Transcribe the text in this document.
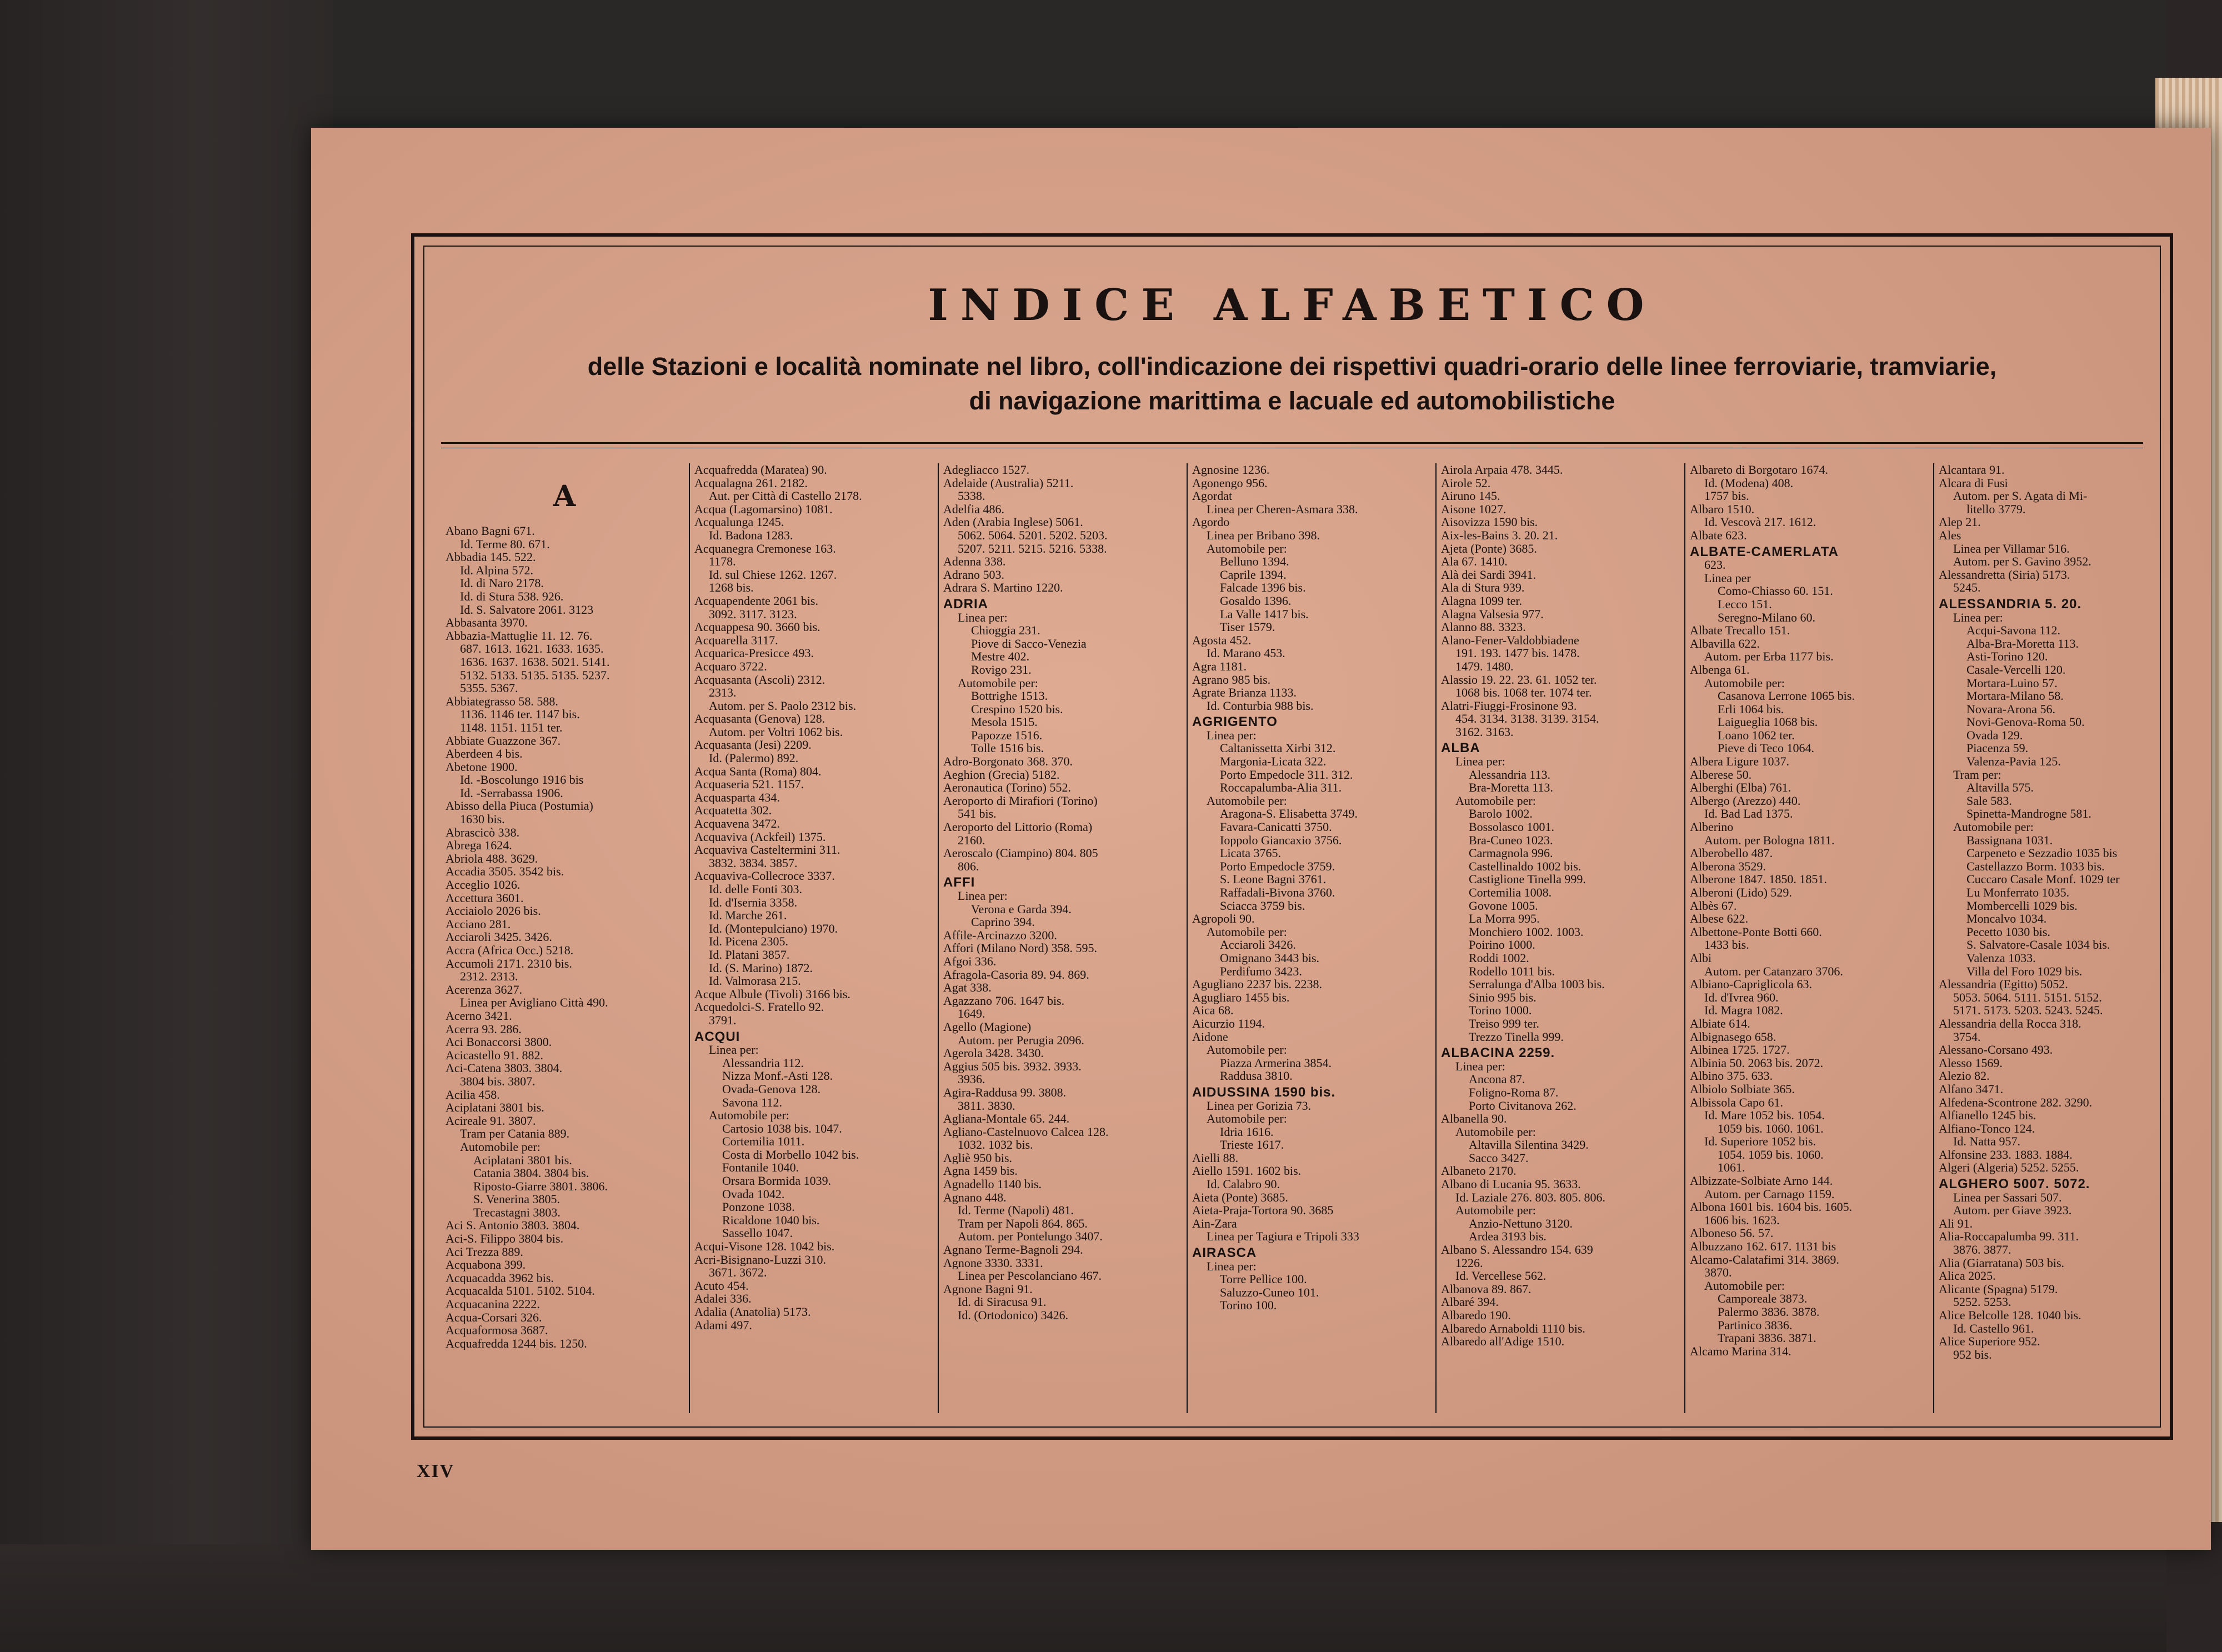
INDICE ALFABETICO
delle Stazioni e località nominate nel libro, coll'indicazione dei rispettivi quadri-orario delle linee ferroviarie, tramviarie,
di navigazione marittima e lacuale ed automobilistiche
A
Abano Bagni 671.
Id. Terme 80. 671.
Abbadia 145. 522.
Id. Alpina 572.
Id. di Naro 2178.
Id. di Stura 538. 926.
Id. S. Salvatore 2061. 3123
Abbasanta 3970.
Abbazia-Mattuglie 11. 12. 76.
687. 1613. 1621. 1633. 1635.
1636. 1637. 1638. 5021. 5141.
5132. 5133. 5135. 5135. 5237.
5355. 5367.
Abbiategrasso 58. 588.
1136. 1146 ter. 1147 bis.
1148. 1151. 1151 ter.
Abbiate Guazzone 367.
Aberdeen 4 bis.
Abetone 1900.
Id. -Boscolungo 1916 bis
Id. -Serrabassa 1906.
Abisso della Piuca (Postumia)
1630 bis.
Abrascicò 338.
Abrega 1624.
Abriola 488. 3629.
Accadia 3505. 3542 bis.
Acceglio 1026.
Accettura 3601.
Acciaiolo 2026 bis.
Acciano 281.
Acciaroli 3425. 3426.
Accra (Africa Occ.) 5218.
Accumoli 2171. 2310 bis.
2312. 2313.
Acerenza 3627.
Linea per Avigliano Città 490.
Acerno 3421.
Acerra 93. 286.
Aci Bonaccorsi 3800.
Acicastello 91. 882.
Aci-Catena 3803. 3804.
3804 bis. 3807.
Acilia 458.
Aciplatani 3801 bis.
Acireale 91. 3807.
Tram per Catania 889.
Automobile per:
Aciplatani 3801 bis.
Catania 3804. 3804 bis.
Riposto-Giarre 3801. 3806.
S. Venerina 3805.
Trecastagni 3803.
Aci S. Antonio 3803. 3804.
Aci-S. Filippo 3804 bis.
Aci Trezza 889.
Acquabona 399.
Acquacadda 3962 bis.
Acquacalda 5101. 5102. 5104.
Acquacanina 2222.
Acqua-Corsari 326.
Acquaformosa 3687.
Acquafredda 1244 bis. 1250.
Acquafredda (Maratea) 90.
Acqualagna 261. 2182.
Aut. per Città di Castello 2178.
Acqua (Lagomarsino) 1081.
Acqualunga 1245.
Id. Badona 1283.
Acquanegra Cremonese 163.
1178.
Id. sul Chiese 1262. 1267.
1268 bis.
Acquapendente 2061 bis.
3092. 3117. 3123.
Acquappesa 90. 3660 bis.
Acquarella 3117.
Acquarica-Presicce 493.
Acquaro 3722.
Acquasanta (Ascoli) 2312.
2313.
Autom. per S. Paolo 2312 bis.
Acquasanta (Genova) 128.
Autom. per Voltri 1062 bis.
Acquasanta (Jesi) 2209.
Id. (Palermo) 892.
Acqua Santa (Roma) 804.
Acquaseria 521. 1157.
Acquasparta 434.
Acquatetta 302.
Acquavena 3472.
Acquaviva (Ackfeil) 1375.
Acquaviva Casteltermini 311.
3832. 3834. 3857.
Acquaviva-Collecroce 3337.
Id. delle Fonti 303.
Id. d'Isernia 3358.
Id. Marche 261.
Id. (Montepulciano) 1970.
Id. Picena 2305.
Id. Platani 3857.
Id. (S. Marino) 1872.
Id. Valmorasa 215.
Acque Albule (Tivoli) 3166 bis.
Acquedolci-S. Fratello 92.
3791.
ACQUI
Linea per:
Alessandria 112.
Nizza Monf.-Asti 128.
Ovada-Genova 128.
Savona 112.
Automobile per:
Cartosio 1038 bis. 1047.
Cortemilia 1011.
Costa di Morbello 1042 bis.
Fontanile 1040.
Orsara Bormida 1039.
Ovada 1042.
Ponzone 1038.
Ricaldone 1040 bis.
Sassello 1047.
Acqui-Visone 128. 1042 bis.
Acri-Bisignano-Luzzi 310.
3671. 3672.
Acuto 454.
Adalei 336.
Adalia (Anatolia) 5173.
Adami 497.
Adegliacco 1527.
Adelaide (Australia) 5211.
5338.
Adelfia 486.
Aden (Arabia Inglese) 5061.
5062. 5064. 5201. 5202. 5203.
5207. 5211. 5215. 5216. 5338.
Adenna 338.
Adrano 503.
Adrara S. Martino 1220.
ADRIA
Linea per:
Chioggia 231.
Piove di Sacco-Venezia
Mestre 402.
Rovigo 231.
Automobile per:
Bottrighe 1513.
Crespino 1520 bis.
Mesola 1515.
Papozze 1516.
Tolle 1516 bis.
Adro-Borgonato 368. 370.
Aeghion (Grecia) 5182.
Aeronautica (Torino) 552.
Aeroporto di Mirafiori (Torino)
541 bis.
Aeroporto del Littorio (Roma)
2160.
Aeroscalo (Ciampino) 804. 805
806.
AFFI
Linea per:
Verona e Garda 394.
Caprino 394.
Affile-Arcinazzo 3200.
Affori (Milano Nord) 358. 595.
Afgoi 336.
Afragola-Casoria 89. 94. 869.
Agat 338.
Agazzano 706. 1647 bis.
1649.
Agello (Magione)
Autom. per Perugia 2096.
Agerola 3428. 3430.
Aggius 505 bis. 3932. 3933.
3936.
Agira-Raddusa 99. 3808.
3811. 3830.
Agliana-Montale 65. 244.
Agliano-Castelnuovo Calcea 128.
1032. 1032 bis.
Agliè 950 bis.
Agna 1459 bis.
Agnadello 1140 bis.
Agnano 448.
Id. Terme (Napoli) 481.
Tram per Napoli 864. 865.
Autom. per Pontelungo 3407.
Agnano Terme-Bagnoli 294.
Agnone 3330. 3331.
Linea per Pescolanciano 467.
Agnone Bagni 91.
Id. di Siracusa 91.
Id. (Ortodonico) 3426.
Agnosine 1236.
Agonengo 956.
Agordat
Linea per Cheren-Asmara 338.
Agordo
Linea per Bribano 398.
Automobile per:
Belluno 1394.
Caprile 1394.
Falcade 1396 bis.
Gosaldo 1396.
La Valle 1417 bis.
Tiser 1579.
Agosta 452.
Id. Marano 453.
Agra 1181.
Agrano 985 bis.
Agrate Brianza 1133.
Id. Conturbia 988 bis.
AGRIGENTO
Linea per:
Caltanissetta Xirbi 312.
Margonia-Licata 322.
Porto Empedocle 311. 312.
Roccapalumba-Alia 311.
Automobile per:
Aragona-S. Elisabetta 3749.
Favara-Canicatti 3750.
Ioppolo Giancaxio 3756.
Licata 3765.
Porto Empedocle 3759.
S. Leone Bagni 3761.
Raffadali-Bivona 3760.
Sciacca 3759 bis.
Agropoli 90.
Automobile per:
Acciaroli 3426.
Omignano 3443 bis.
Perdifumo 3423.
Agugliano 2237 bis. 2238.
Agugliaro 1455 bis.
Aica 68.
Aicurzio 1194.
Aidone
Automobile per:
Piazza Armerina 3854.
Raddusa 3810.
AIDUSSINA 1590 bis.
Linea per Gorizia 73.
Automobile per:
Idria 1616.
Trieste 1617.
Aielli 88.
Aiello 1591. 1602 bis.
Id. Calabro 90.
Aieta (Ponte) 3685.
Aieta-Praja-Tortora 90. 3685
Ain-Zara
Linea per Tagiura e Tripoli 333
AIRASCA
Linea per:
Torre Pellice 100.
Saluzzo-Cuneo 101.
Torino 100.
Airola Arpaia 478. 3445.
Airole 52.
Airuno 145.
Aisone 1027.
Aisovizza 1590 bis.
Aix-les-Bains 3. 20. 21.
Ajeta (Ponte) 3685.
Ala 67. 1410.
Alà dei Sardi 3941.
Ala di Stura 939.
Alagna 1099 ter.
Alagna Valsesia 977.
Alanno 88. 3323.
Alano-Fener-Valdobbiadene
191. 193. 1477 bis. 1478.
1479. 1480.
Alassio 19. 22. 23. 61. 1052 ter.
1068 bis. 1068 ter. 1074 ter.
Alatri-Fiuggi-Frosinone 93.
454. 3134. 3138. 3139. 3154.
3162. 3163.
ALBA
Linea per:
Alessandria 113.
Bra-Moretta 113.
Automobile per:
Barolo 1002.
Bossolasco 1001.
Bra-Cuneo 1023.
Carmagnola 996.
Castellinaldo 1002 bis.
Castiglione Tinella 999.
Cortemilia 1008.
Govone 1005.
La Morra 995.
Monchiero 1002. 1003.
Poirino 1000.
Roddi 1002.
Rodello 1011 bis.
Serralunga d'Alba 1003 bis.
Sinio 995 bis.
Torino 1000.
Treiso 999 ter.
Trezzo Tinella 999.
ALBACINA 2259.
Linea per:
Ancona 87.
Foligno-Roma 87.
Porto Civitanova 262.
Albanella 90.
Automobile per:
Altavilla Silentina 3429.
Sacco 3427.
Albaneto 2170.
Albano di Lucania 95. 3633.
Id. Laziale 276. 803. 805. 806.
Automobile per:
Anzio-Nettuno 3120.
Ardea 3193 bis.
Albano S. Alessandro 154. 639
1226.
Id. Vercellese 562.
Albanova 89. 867.
Albaré 394.
Albaredo 190.
Albaredo Arnaboldi 1110 bis.
Albaredo all'Adige 1510.
Albareto di Borgotaro 1674.
Id. (Modena) 408.
1757 bis.
Albaro 1510.
Id. Vescovà 217. 1612.
Albate 623.
ALBATE-CAMERLATA
623.
Linea per
Como-Chiasso 60. 151.
Lecco 151.
Seregno-Milano 60.
Albate Trecallo 151.
Albavilla 622.
Autom. per Erba 1177 bis.
Albenga 61.
Automobile per:
Casanova Lerrone 1065 bis.
Erli 1064 bis.
Laigueglia 1068 bis.
Loano 1062 ter.
Pieve di Teco 1064.
Albera Ligure 1037.
Alberese 50.
Alberghi (Elba) 761.
Albergo (Arezzo) 440.
Id. Bad Lad 1375.
Alberino
Autom. per Bologna 1811.
Alberobello 487.
Alberona 3529.
Alberone 1847. 1850. 1851.
Alberoni (Lido) 529.
Albès 67.
Albese 622.
Albettone-Ponte Botti 660.
1433 bis.
Albi
Autom. per Catanzaro 3706.
Albiano-Capriglicola 63.
Id. d'Ivrea 960.
Id. Magra 1082.
Albiate 614.
Albignasego 658.
Albinea 1725. 1727.
Albinia 50. 2063 bis. 2072.
Albino 375. 633.
Albiolo Solbiate 365.
Albissola Capo 61.
Id. Mare 1052 bis. 1054.
1059 bis. 1060. 1061.
Id. Superiore 1052 bis.
1054. 1059 bis. 1060.
1061.
Albizzate-Solbiate Arno 144.
Autom. per Carnago 1159.
Albona 1601 bis. 1604 bis. 1605.
1606 bis. 1623.
Alboneso 56. 57.
Albuzzano 162. 617. 1131 bis
Alcamo-Calatafimi 314. 3869.
3870.
Automobile per:
Camporeale 3873.
Palermo 3836. 3878.
Partinico 3836.
Trapani 3836. 3871.
Alcamo Marina 314.
Alcantara 91.
Alcara di Fusi
Autom. per S. Agata di Mi-
litello 3779.
Alep 21.
Ales
Linea per Villamar 516.
Autom. per S. Gavino 3952.
Alessandretta (Siria) 5173.
5245.
ALESSANDRIA 5. 20.
Linea per:
Acqui-Savona 112.
Alba-Bra-Moretta 113.
Asti-Torino 120.
Casale-Vercelli 120.
Mortara-Luino 57.
Mortara-Milano 58.
Novara-Arona 56.
Novi-Genova-Roma 50.
Ovada 129.
Piacenza 59.
Valenza-Pavia 125.
Tram per:
Altavilla 575.
Sale 583.
Spinetta-Mandrogne 581.
Automobile per:
Bassignana 1031.
Carpeneto e Sezzadio 1035 bis
Castellazzo Borm. 1033 bis.
Cuccaro Casale Monf. 1029 ter
Lu Monferrato 1035.
Mombercelli 1029 bis.
Moncalvo 1034.
Pecetto 1030 bis.
S. Salvatore-Casale 1034 bis.
Valenza 1033.
Villa del Foro 1029 bis.
Alessandria (Egitto) 5052.
5053. 5064. 5111. 5151. 5152.
5171. 5173. 5203. 5243. 5245.
Alessandria della Rocca 318.
3754.
Alessano-Corsano 493.
Alesso 1569.
Alezio 82.
Alfano 3471.
Alfedena-Scontrone 282. 3290.
Alfianello 1245 bis.
Alfiano-Tonco 124.
Id. Natta 957.
Alfonsine 233. 1883. 1884.
Algeri (Algeria) 5252. 5255.
ALGHERO 5007. 5072.
Linea per Sassari 507.
Autom. per Giave 3923.
Ali 91.
Alia-Roccapalumba 99. 311.
3876. 3877.
Alia (Giarratana) 503 bis.
Alica 2025.
Alicante (Spagna) 5179.
5252. 5253.
Alice Belcolle 128. 1040 bis.
Id. Castello 961.
Alice Superiore 952.
952 bis.
XIV
